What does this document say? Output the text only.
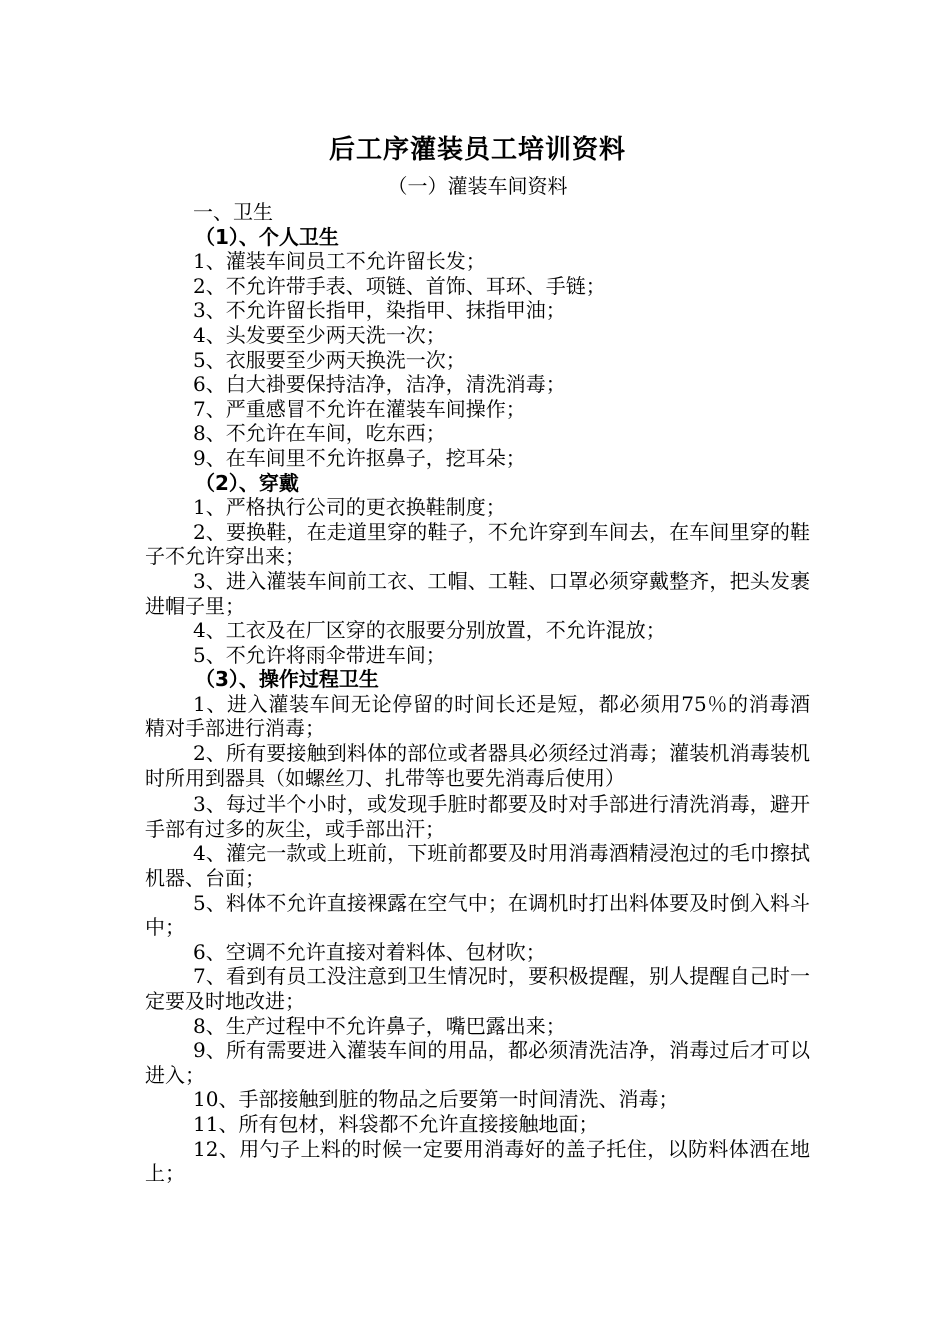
后工序灌装员工培训资料

（一）灌装车间资料

一、卫生

（1）、个人卫生

1、灌装车间员工不允许留长发；

2、不允许带手表、项链、首饰、耳环、手链；

3、不允许留长指甲，染指甲、抹指甲油；

4、头发要至少两天洗一次；

5、衣服要至少两天换洗一次；

6、白大褂要保持洁净，洁净，清洗消毒；

7、严重感冒不允许在灌装车间操作；

8、不允许在车间，吃东西；

9、在车间里不允许抠鼻子，挖耳朵；

（2）、穿戴

1、严格执行公司的更衣换鞋制度；

2、要换鞋，在走道里穿的鞋子，不允许穿到车间去，在车间里穿的鞋子不允许穿出来；

3、进入灌装车间前工衣、工帽、工鞋、口罩必须穿戴整齐，把头发裹进帽子里；

4、工衣及在厂区穿的衣服要分别放置，不允许混放；

5、不允许将雨伞带进车间；

（3）、操作过程卫生

1、进入灌装车间无论停留的时间长还是短，都必须用75％的消毒酒精对手部进行消毒；

2、所有要接触到料体的部位或者器具必须经过消毒；灌装机消毒装机时所用到器具（如螺丝刀、扎带等也要先消毒后使用）

3、每过半个小时，或发现手脏时都要及时对手部进行清洗消毒，避开手部有过多的灰尘，或手部出汗；

4、灌完一款或上班前，下班前都要及时用消毒酒精浸泡过的毛巾擦拭机器、台面；

5、料体不允许直接裸露在空气中；在调机时打出料体要及时倒入料斗中；

6、空调不允许直接对着料体、包材吹；

7、看到有员工没注意到卫生情况时，要积极提醒，别人提醒自己时一定要及时地改进；

8、生产过程中不允许鼻子，嘴巴露出来；

9、所有需要进入灌装车间的用品，都必须清洗洁净，消毒过后才可以进入；

10、手部接触到脏的物品之后要第一时间清洗、消毒；

11、所有包材，料袋都不允许直接接触地面；

12、用勺子上料的时候一定要用消毒好的盖子托住，以防料体洒在地上；
